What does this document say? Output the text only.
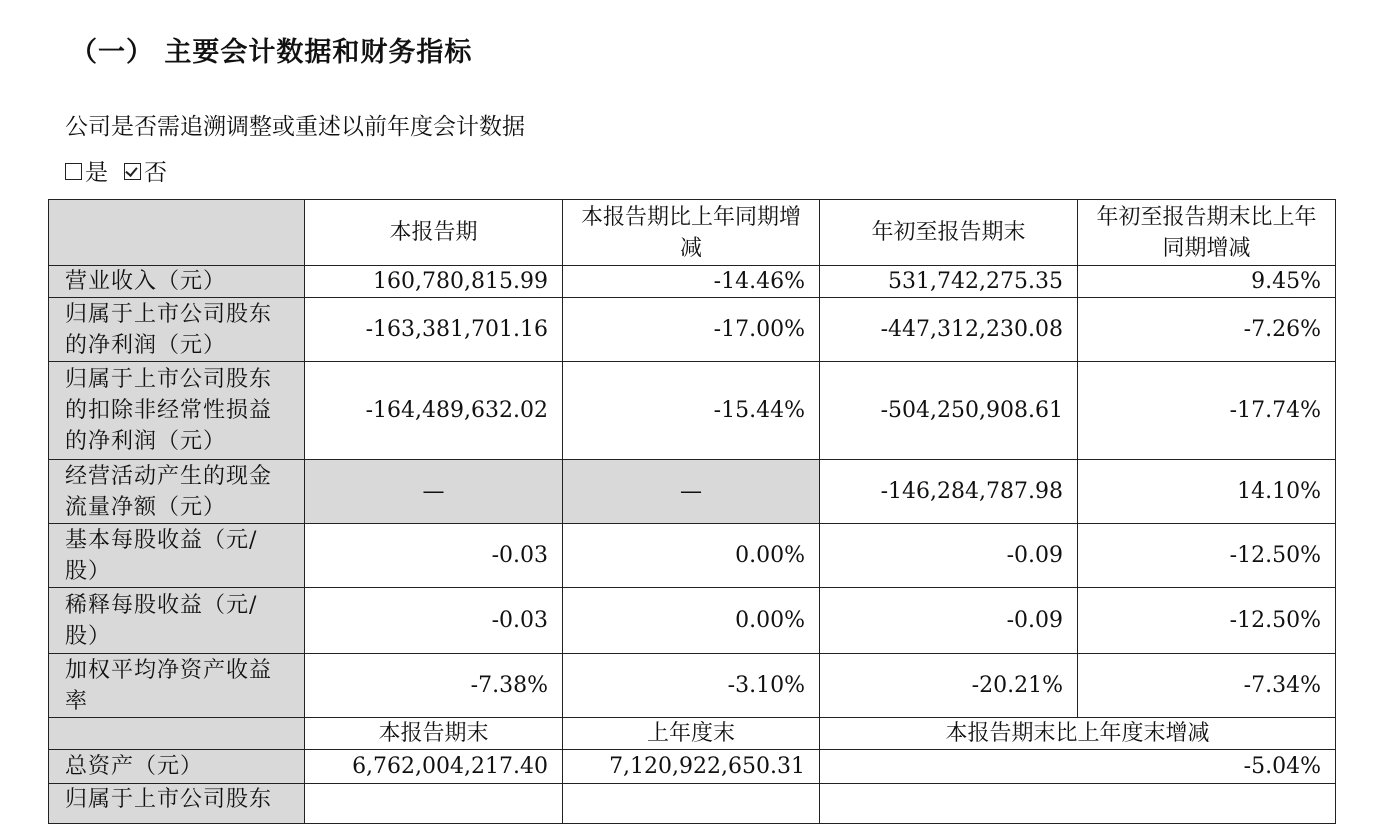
（一） 主要会计数据和财务指标
公司是否需追溯调整或重述以前年度会计数据
是 否
	本报告期	本报告期比上年同期增减	年初至报告期末	年初至报告期末比上年同期增减
营业收入（元）	160,780,815.99	-14.46%	531,742,275.35	9.45%
归属于上市公司股东的净利润（元）	-163,381,701.16	-17.00%	-447,312,230.08	-7.26%
归属于上市公司股东的扣除非经常性损益的净利润（元）	-164,489,632.02	-15.44%	-504,250,908.61	-17.74%
经营活动产生的现金流量净额（元）	—	—	-146,284,787.98	14.10%
基本每股收益（元/股）	-0.03	0.00%	-0.09	-12.50%
稀释每股收益（元/股）	-0.03	0.00%	-0.09	-12.50%
加权平均净资产收益率	-7.38%	-3.10%	-20.21%	-7.34%
	本报告期末	上年度末	本报告期末比上年度末增减	
总资产（元）	6,762,004,217.40	7,120,922,650.31	-5.04%	
归属于上市公司股东				
